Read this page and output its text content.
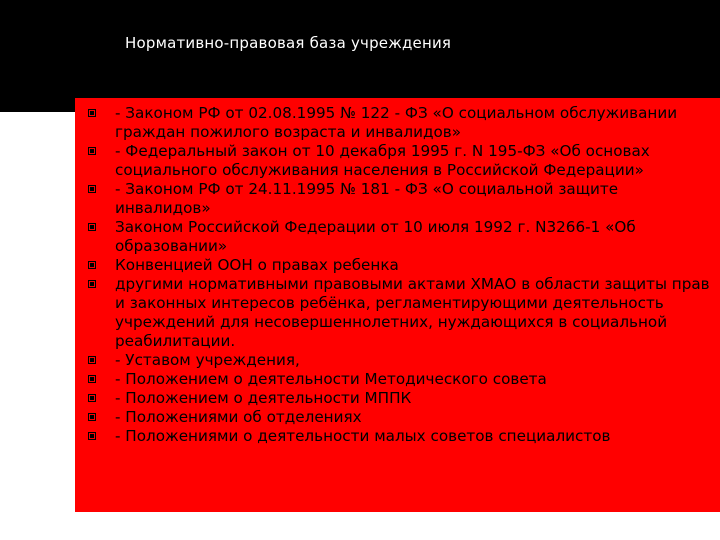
Нормативно-правовая база учреждения
- Законом РФ от 02.08.1995 № 122 - ФЗ «О социальном обслуживании граждан пожилого возраста и инвалидов»
- Федеральный закон от 10 декабря 1995 г. N 195-ФЗ «Об основах социального обслуживания населения в Российской Федерации»
- Законом РФ от 24.11.1995 № 181 - ФЗ «О социальной защите инвалидов»
Законом Российской Федерации от 10 июля 1992 г. N3266-1 «Об образовании»
Конвенцией ООН о правах ребенка
другими нормативными правовыми актами ХМАО в области защиты прав и законных интересов ребёнка, регламентирующими деятельность учреждений для несовершеннолетних, нуждающихся в социальной реабилитации.
- Уставом учреждения,
- Положением о деятельности Методического совета
- Положением о деятельности МППК
- Положениями об отделениях
- Положениями о деятельности малых советов специалистов
